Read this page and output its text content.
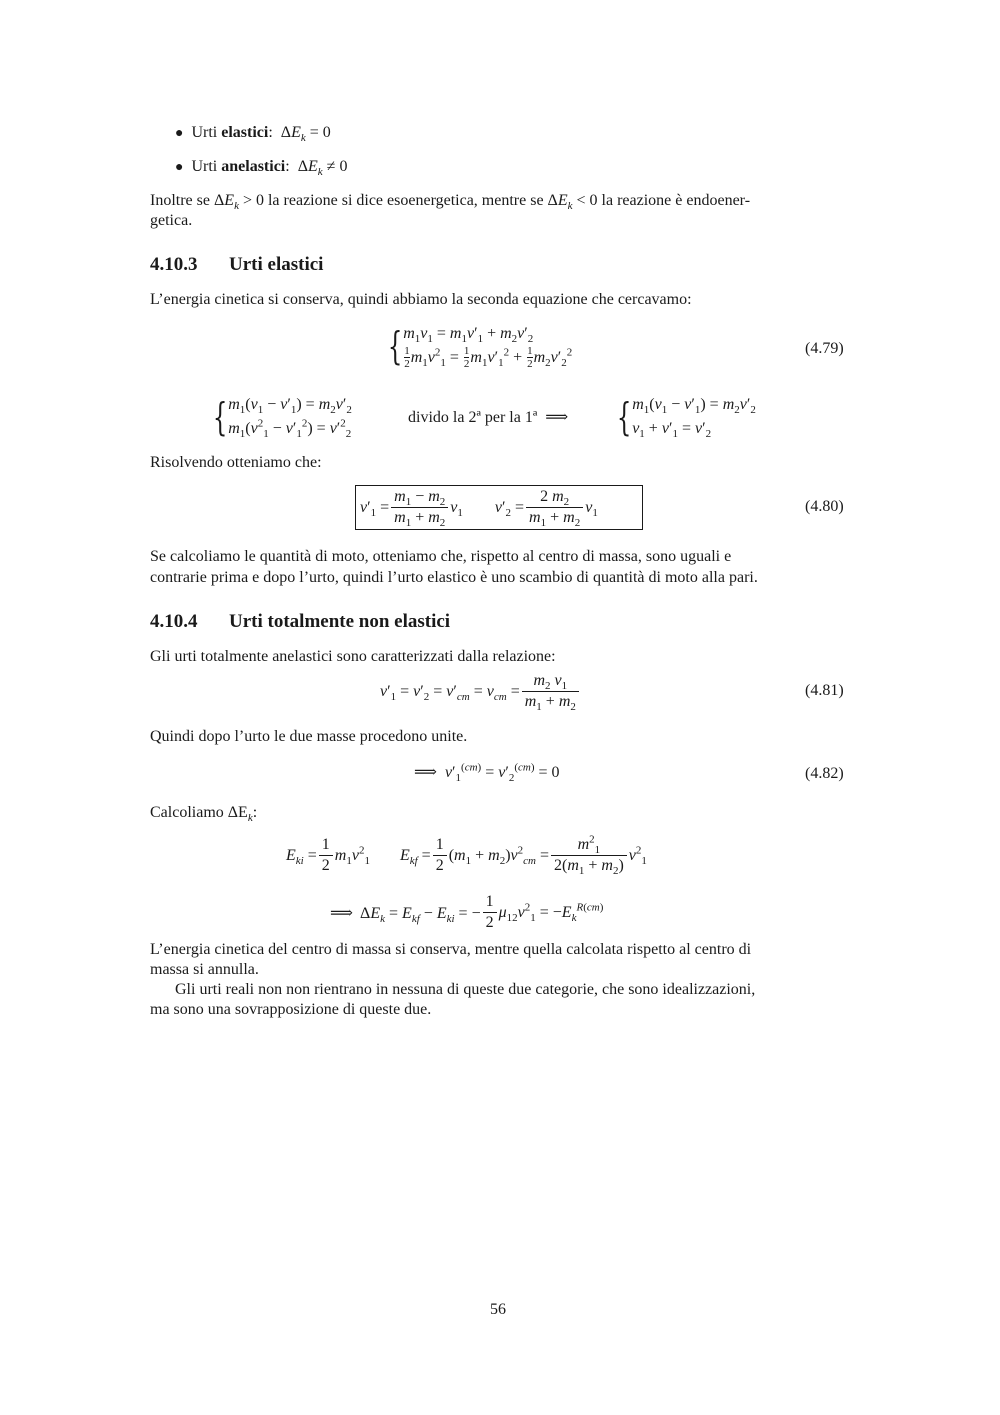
● Urti elastici:  $\Delta E_k = 0$
● Urti anelastici:  $\Delta E_k \ne 0$
Inoltre se $\Delta E_k > 0$ la reazione si dice esoenergetica, mentre se $\Delta E_k < 0$ la reazione è endoener-
getica.
4.10.3 Urti elastici
L’energia cinetica si conserva, quindi abbiamo la seconda equazione che cercavamo:
{ $m_1v_1 = m_1v'_1 + m_2v'_2$
$\frac{1}{2} m_1v^2_1 = \frac{1}{2} m_1v'_1^2 + \frac{1}{2} m_2v'_2^2$	(4.79)
{ $m_1(v_1 - v'_1) = m_2v'_2$
$m_1(v^2_1 - v'_1^2) = v'^2_2$
divido la 2ª per la 1ª ⟹ { $m_1(v_1 - v'_1) = m_2v'_2$
$v_1 + v'_1 = v'_2$
Risolvendo otteniamo che:
$v'_1 = \frac{m_1 - m_2}{m_1 + m_2} v_1$ $v'_2 = \frac{2 m_2}{m_1 + m_2} v_1$	(4.80)
Se calcoliamo le quantità di moto, otteniamo che, rispetto al centro di massa, sono uguali e
contrarie prima e dopo l’urto, quindi l’urto elastico è uno scambio di quantità di moto alla pari.
4.10.4 Urti totalmente non elastici
Gli urti totalmente anelastici sono caratterizzati dalla relazione:
$v'_1 = v'_2 = v'_{cm} = v_{cm} = \frac{m_2 v_1}{m_1 + m_2}$	(4.81)
Quindi dopo l’urto le due masse procedono unite.
⟹  $v'_1^{(cm)} = v'_2^{(cm)} = 0$	(4.82)
Calcoliamo $\Delta E_k$:
$E_{ki} = \frac{1}{2} m_1v^2_1$ $E_{kf} = \frac{1}{2} (m_1 + m_2)v^2_{cm} = \frac{m^2_1}{2(m_1 + m_2)} v^2_1$
⟹  $\Delta E_k = E_{kf} - E_{ki}$ = − $\frac{1}{2} \mu_{12}v^2_1 = -E_k^{R(cm)}$
L’energia cinetica del centro di massa si conserva, mentre quella calcolata rispetto al centro di
massa si annulla.
Gli urti reali non non rientrano in nessuna di queste due categorie, che sono idealizzazioni,
ma sono una sovrapposizione di queste due.
56
